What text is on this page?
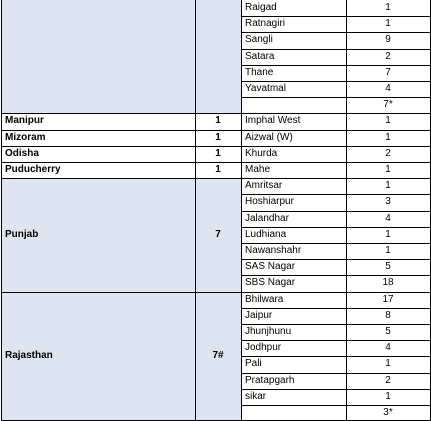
Raigad	1
Ratnagiri	1
Sangli	9
Satara	2
Thane	7
Yavatmal	4
7*
Manipur	1	Imphal West	1
Mizoram	1	Aizwal (W)	1
Odisha	1	Khurda	2
Puducherry	1	Mahe	1
Punjab	7
Amritsar	1
Hoshiarpur	3
Jalandhar	4
Ludhiana	1
Nawanshahr	1
SAS Nagar	5
SBS Nagar	18
Rajasthan	7#
Bhilwara	17
Jaipur	8
Jhunjhunu	5
Jodhpur	4
Pali	1
Pratapgarh	2
sikar	1
3*
